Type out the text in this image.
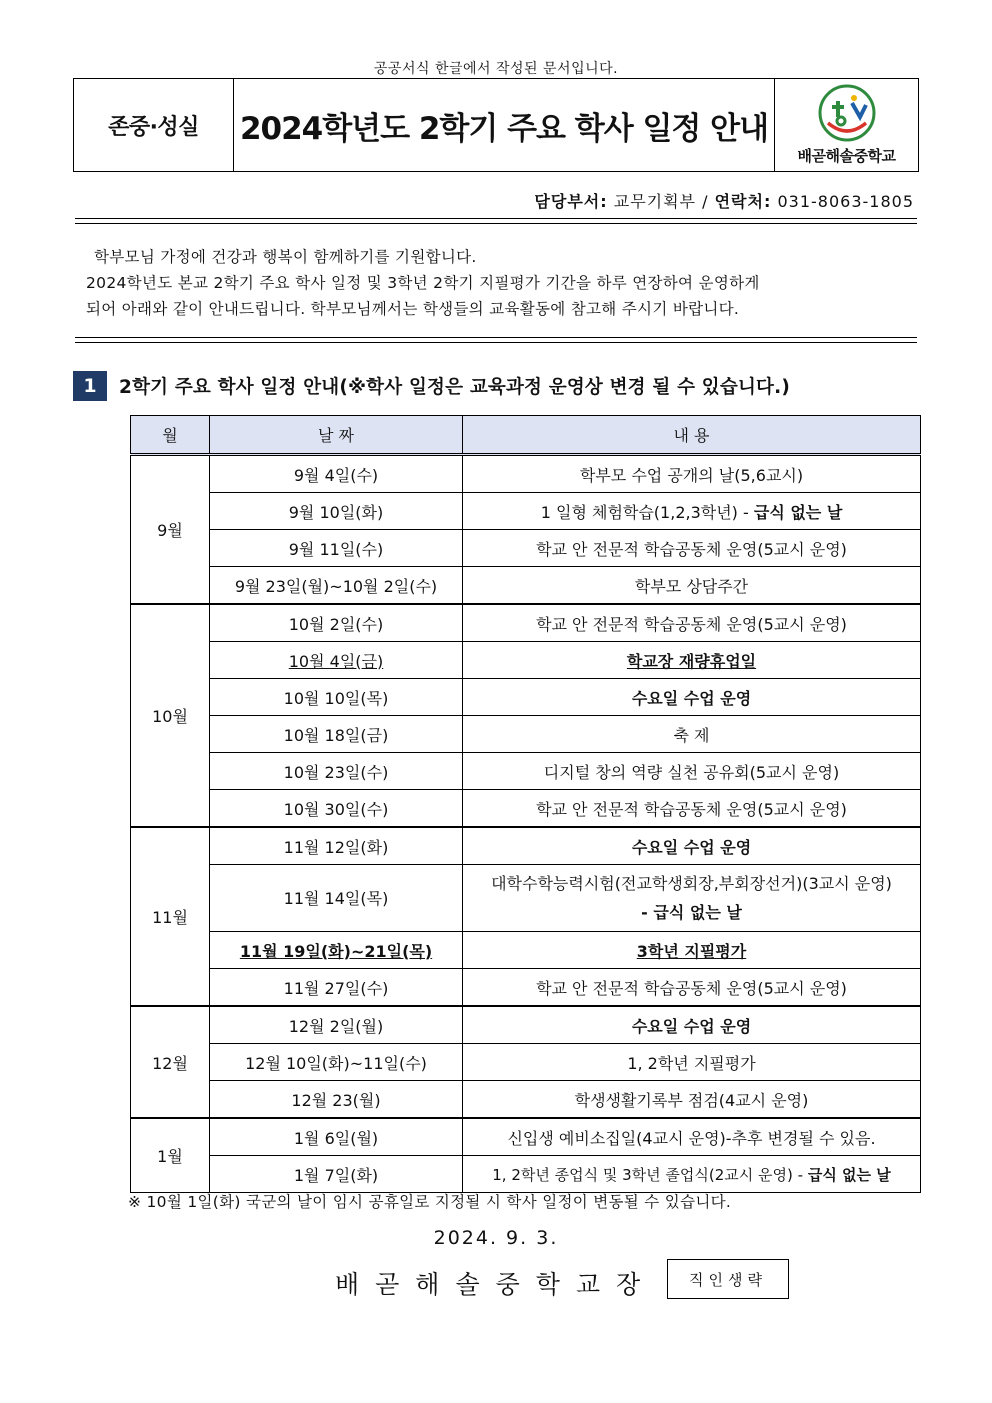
공공서식 한글에서 작성된 문서입니다.
존중·성실	2024학년도 2학기 주요 학사 일정 안내
배곧해솔중학교
담당부서: 교무기획부 / 연락처: 031-8063-1805

학부모님 가정에 건강과 행복이 함께하기를 기원합니다.

2024학년도 본교 2학기 주요 학사 일정 및 3학년 2학기 지필평가 기간을 하루 연장하여 운영하게

되어 아래와 같이 안내드립니다. 학부모님께서는 학생들의 교육활동에 참고해 주시기 바랍니다.

1	2학기 주요 학사 일정 안내(※학사 일정은 교육과정 운영상 변경 될 수 있습니다.)
월	날 짜	내 용
9월	9월 4일(수)	학부모 수업 공개의 날(5,6교시)
	9월 10일(화)	1 일형 체험학습(1,2,3학년) - 급식 없는 날
	9월 11일(수)	학교 안 전문적 학습공동체 운영(5교시 운영)
	9월 23일(월)~10월 2일(수)	학부모 상담주간
10월	10월 2일(수)	학교 안 전문적 학습공동체 운영(5교시 운영)
	10월 4일(금)	학교장 재량휴업일
	10월 10일(목)	수요일 수업 운영
	10월 18일(금)	축 제
	10월 23일(수)	디지털 창의 역량 실천 공유회(5교시 운영)
	10월 30일(수)	학교 안 전문적 학습공동체 운영(5교시 운영)
11월	11월 12일(화)	수요일 수업 운영
	11월 14일(목)	대학수학능력시험(전교학생회장,부회장선거)(3교시 운영)
- 급식 없는 날
	11월 19일(화)~21일(목)	3학년 지필평가
	11월 27일(수)	학교 안 전문적 학습공동체 운영(5교시 운영)
12월	12월 2일(월)	수요일 수업 운영
	12월 10일(화)~11일(수)	1, 2학년 지필평가
	12월 23(월)	학생생활기록부 점검(4교시 운영)
1월	1월 6일(월)	신입생 예비소집일(4교시 운영)-추후 변경될 수 있음.
	1월 7일(화)	1, 2학년 종업식 및 3학년 졸업식(2교시 운영) - 급식 없는 날
※ 10월 1일(화) 국군의 날이 임시 공휴일로 지정될 시 학사 일정이 변동될 수 있습니다.
2024. 9. 3.
배곧해솔중학교장	직인생략
